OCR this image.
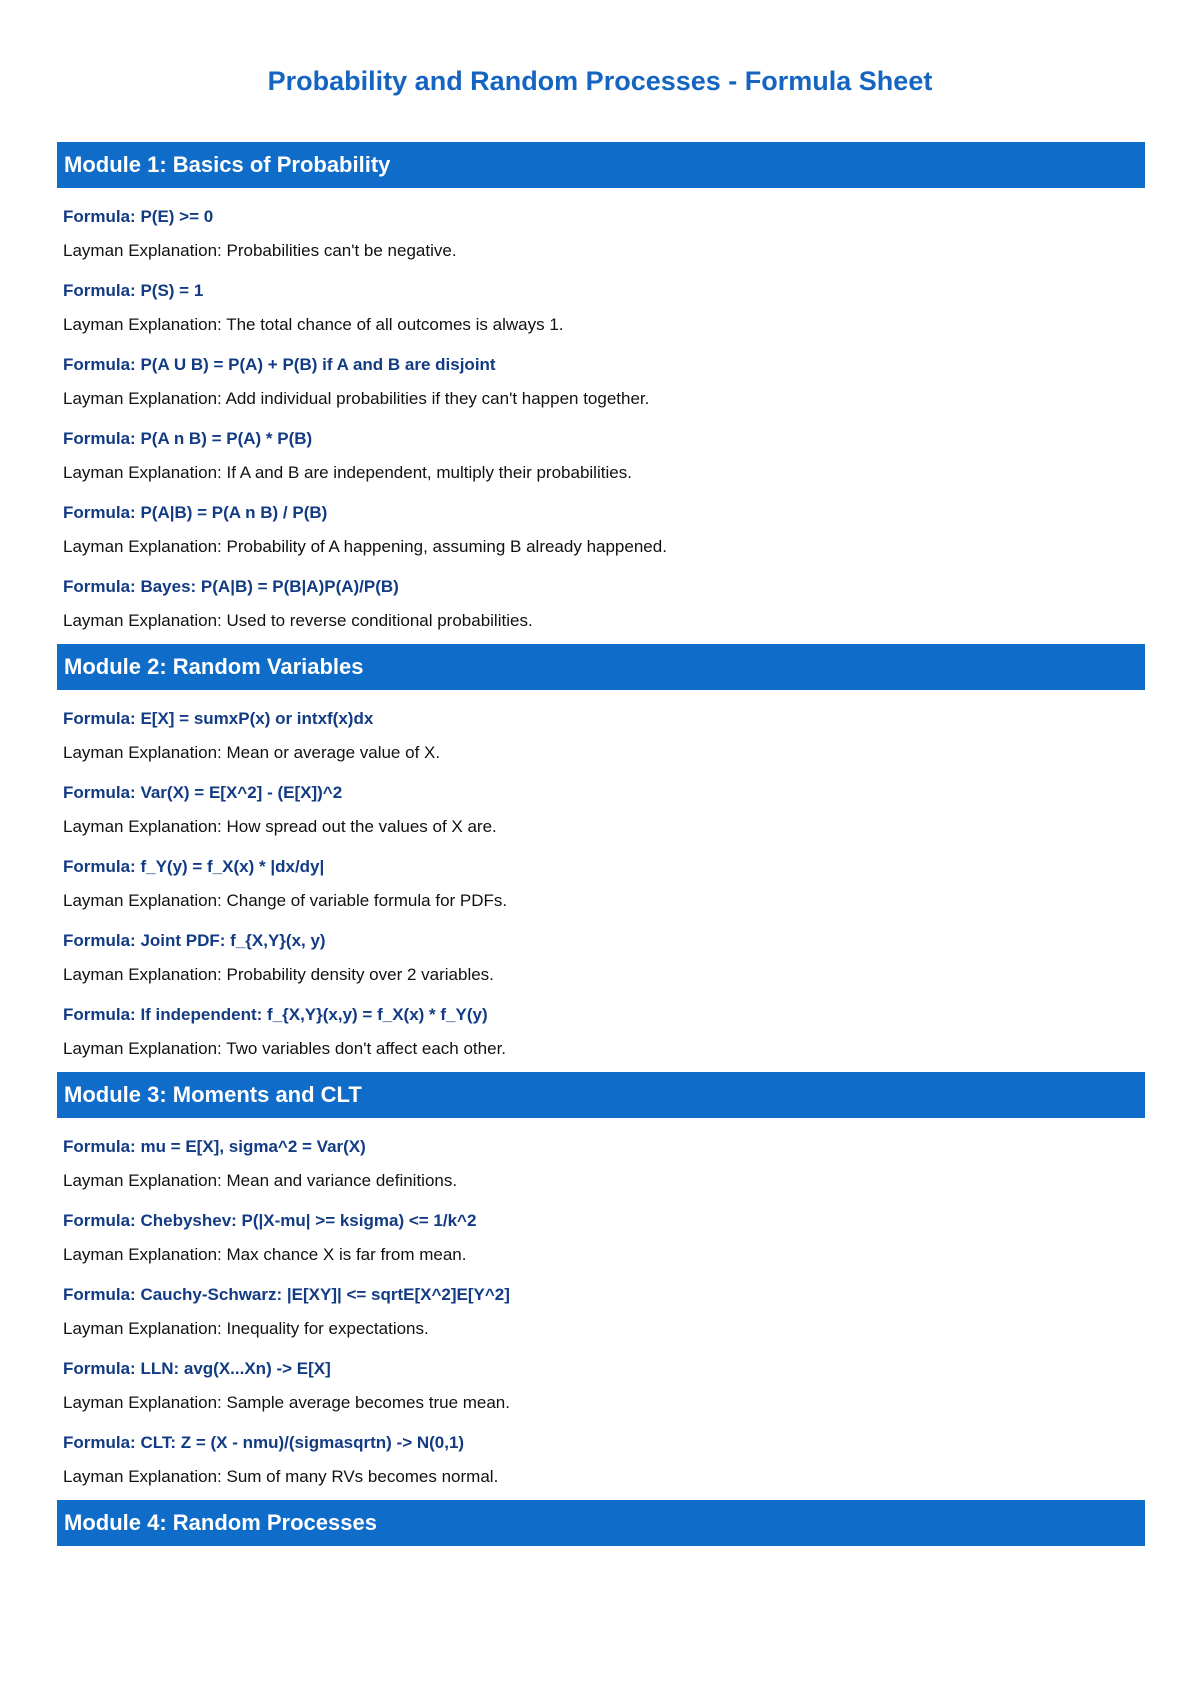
Probability and Random Processes - Formula Sheet
Module 1: Basics of Probability
Formula: P(E) >= 0
Layman Explanation: Probabilities can't be negative.
Formula: P(S) = 1
Layman Explanation: The total chance of all outcomes is always 1.
Formula: P(A U B) = P(A) + P(B) if A and B are disjoint
Layman Explanation: Add individual probabilities if they can't happen together.
Formula: P(A n B) = P(A) * P(B)
Layman Explanation: If A and B are independent, multiply their probabilities.
Formula: P(A|B) = P(A n B) / P(B)
Layman Explanation: Probability of A happening, assuming B already happened.
Formula: Bayes: P(A|B) = P(B|A)P(A)/P(B)
Layman Explanation: Used to reverse conditional probabilities.
Module 2: Random Variables
Formula: E[X] = sumxP(x) or intxf(x)dx
Layman Explanation: Mean or average value of X.
Formula: Var(X) = E[X^2] - (E[X])^2
Layman Explanation: How spread out the values of X are.
Formula: f_Y(y) = f_X(x) * |dx/dy|
Layman Explanation: Change of variable formula for PDFs.
Formula: Joint PDF: f_{X,Y}(x, y)
Layman Explanation: Probability density over 2 variables.
Formula: If independent: f_{X,Y}(x,y) = f_X(x) * f_Y(y)
Layman Explanation: Two variables don't affect each other.
Module 3: Moments and CLT
Formula: mu = E[X], sigma^2 = Var(X)
Layman Explanation: Mean and variance definitions.
Formula: Chebyshev: P(|X-mu| >= ksigma) <= 1/k^2
Layman Explanation: Max chance X is far from mean.
Formula: Cauchy-Schwarz: |E[XY]| <= sqrtE[X^2]E[Y^2]
Layman Explanation: Inequality for expectations.
Formula: LLN: avg(X...Xn) -> E[X]
Layman Explanation: Sample average becomes true mean.
Formula: CLT: Z = (X - nmu)/(sigmasqrtn) -> N(0,1)
Layman Explanation: Sum of many RVs becomes normal.
Module 4: Random Processes
